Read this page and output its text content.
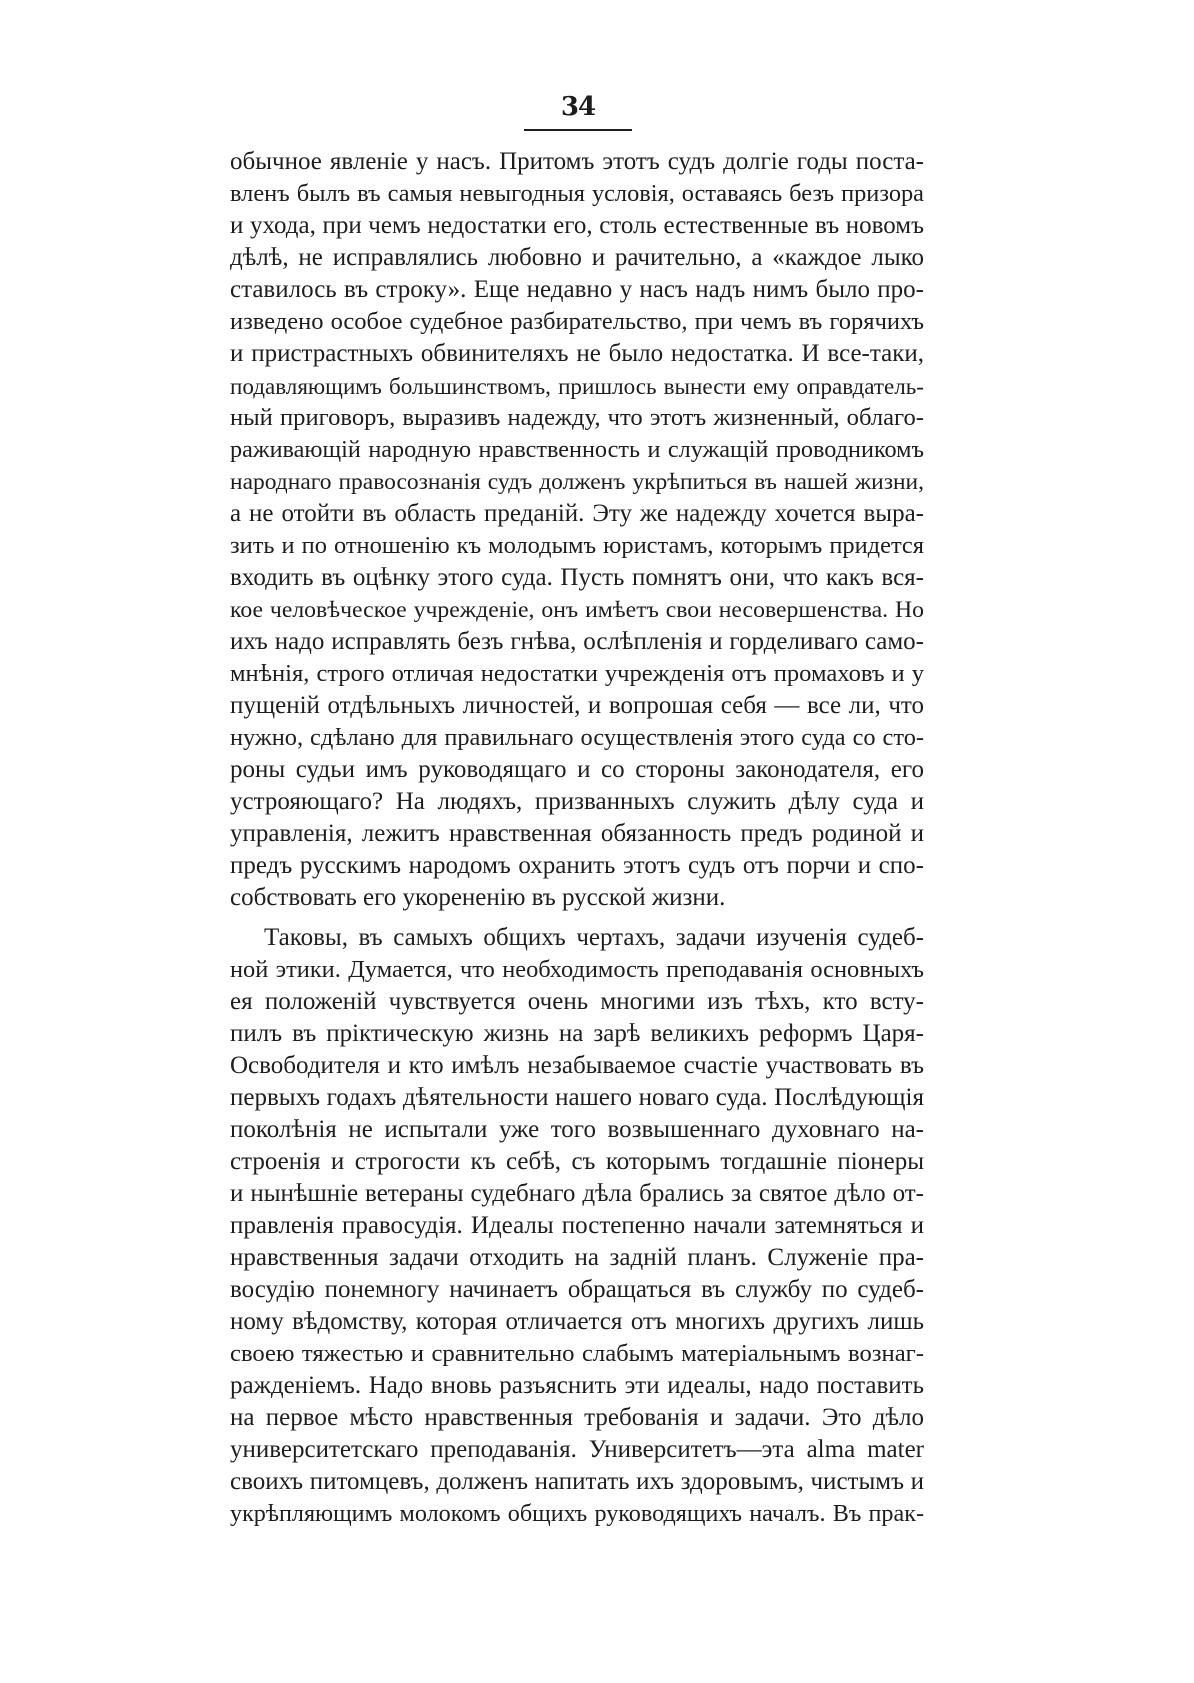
34
обычное явленіе у насъ. Притомъ этотъ судъ долгіе годы поста-
вленъ былъ въ самыя невыгодныя условія, оставаясь безъ призора
и ухода, при чемъ недостатки его, столь естественные въ новомъ
дѣлѣ, не исправлялись любовно и рачительно, а «каждое лыко
ставилось въ строку». Еще недавно у насъ надъ нимъ было про-
изведено особое судебное разбирательство, при чемъ въ горячихъ
и пристрастныхъ обвинителяхъ не было недостатка. И все-таки,
подавляющимъ большинствомъ, пришлось вынести ему оправдатель-
ный приговоръ, выразивъ надежду, что этотъ жизненный, облаго-
раживающій народную нравственность и служащій проводникомъ
народнаго правосознанія судъ долженъ укрѣпиться въ нашей жизни,
а не отойти въ область преданій. Эту же надежду хочется выра-
зить и по отношенію къ молодымъ юристамъ, которымъ придется
входить въ оцѣнку этого суда. Пусть помнятъ они, что какъ вся-
кое человѣческое учрежденіе, онъ имѣетъ свои несовершенства. Но
ихъ надо исправлять безъ гнѣва, ослѣпленія и горделиваго само-
мнѣнія, строго отличая недостатки учрежденія отъ промаховъ и у
пущеній отдѣльныхъ личностей, и вопрошая себя — все ли, что
нужно, сдѣлано для правильнаго осуществленія этого суда со сто-
роны судьи имъ руководящаго и со стороны законодателя, его
устрояющаго? На людяхъ, призванныхъ служить дѣлу суда и
управленія, лежитъ нравственная обязанность предъ родиной и
предъ русскимъ народомъ охранить этотъ судъ отъ порчи и спо-
собствовать его укорененію въ русской жизни.
Таковы, въ самыхъ общихъ чертахъ, задачи изученія судеб-
ной этики. Думается, что необходимость преподаванія основныхъ
ея положеній чувствуется очень многими изъ тѣхъ, кто всту-
пилъ въ пріктическую жизнь на зарѣ великихъ реформъ Царя-
Освободителя и кто имѣлъ незабываемое счастіе участвовать въ
первыхъ годахъ дѣятельности нашего новаго суда. Послѣдующія
поколѣнія не испытали уже того возвышеннаго духовнаго на-
строенія и строгости къ себѣ, съ которымъ тогдашніе піонеры
и нынѣшніе ветераны судебнаго дѣла брались за святое дѣло от-
правленія правосудія. Идеалы постепенно начали затемняться и
нравственныя задачи отходить на задній планъ. Служеніе пра-
восудію понемногу начинаетъ обращаться въ службу по судеб-
ному вѣдомству, которая отличается отъ многихъ другихъ лишь
своею тяжестью и сравнительно слабымъ матеріальнымъ вознаг-
ражденіемъ. Надо вновь разъяснить эти идеалы, надо поставить
на первое мѣсто нравственныя требованія и задачи. Это дѣло
университетскаго преподаванія. Университетъ—эта alma mater
своихъ питомцевъ, долженъ напитать ихъ здоровымъ, чистымъ и
укрѣпляющимъ молокомъ общихъ руководящихъ началъ. Въ прак-
